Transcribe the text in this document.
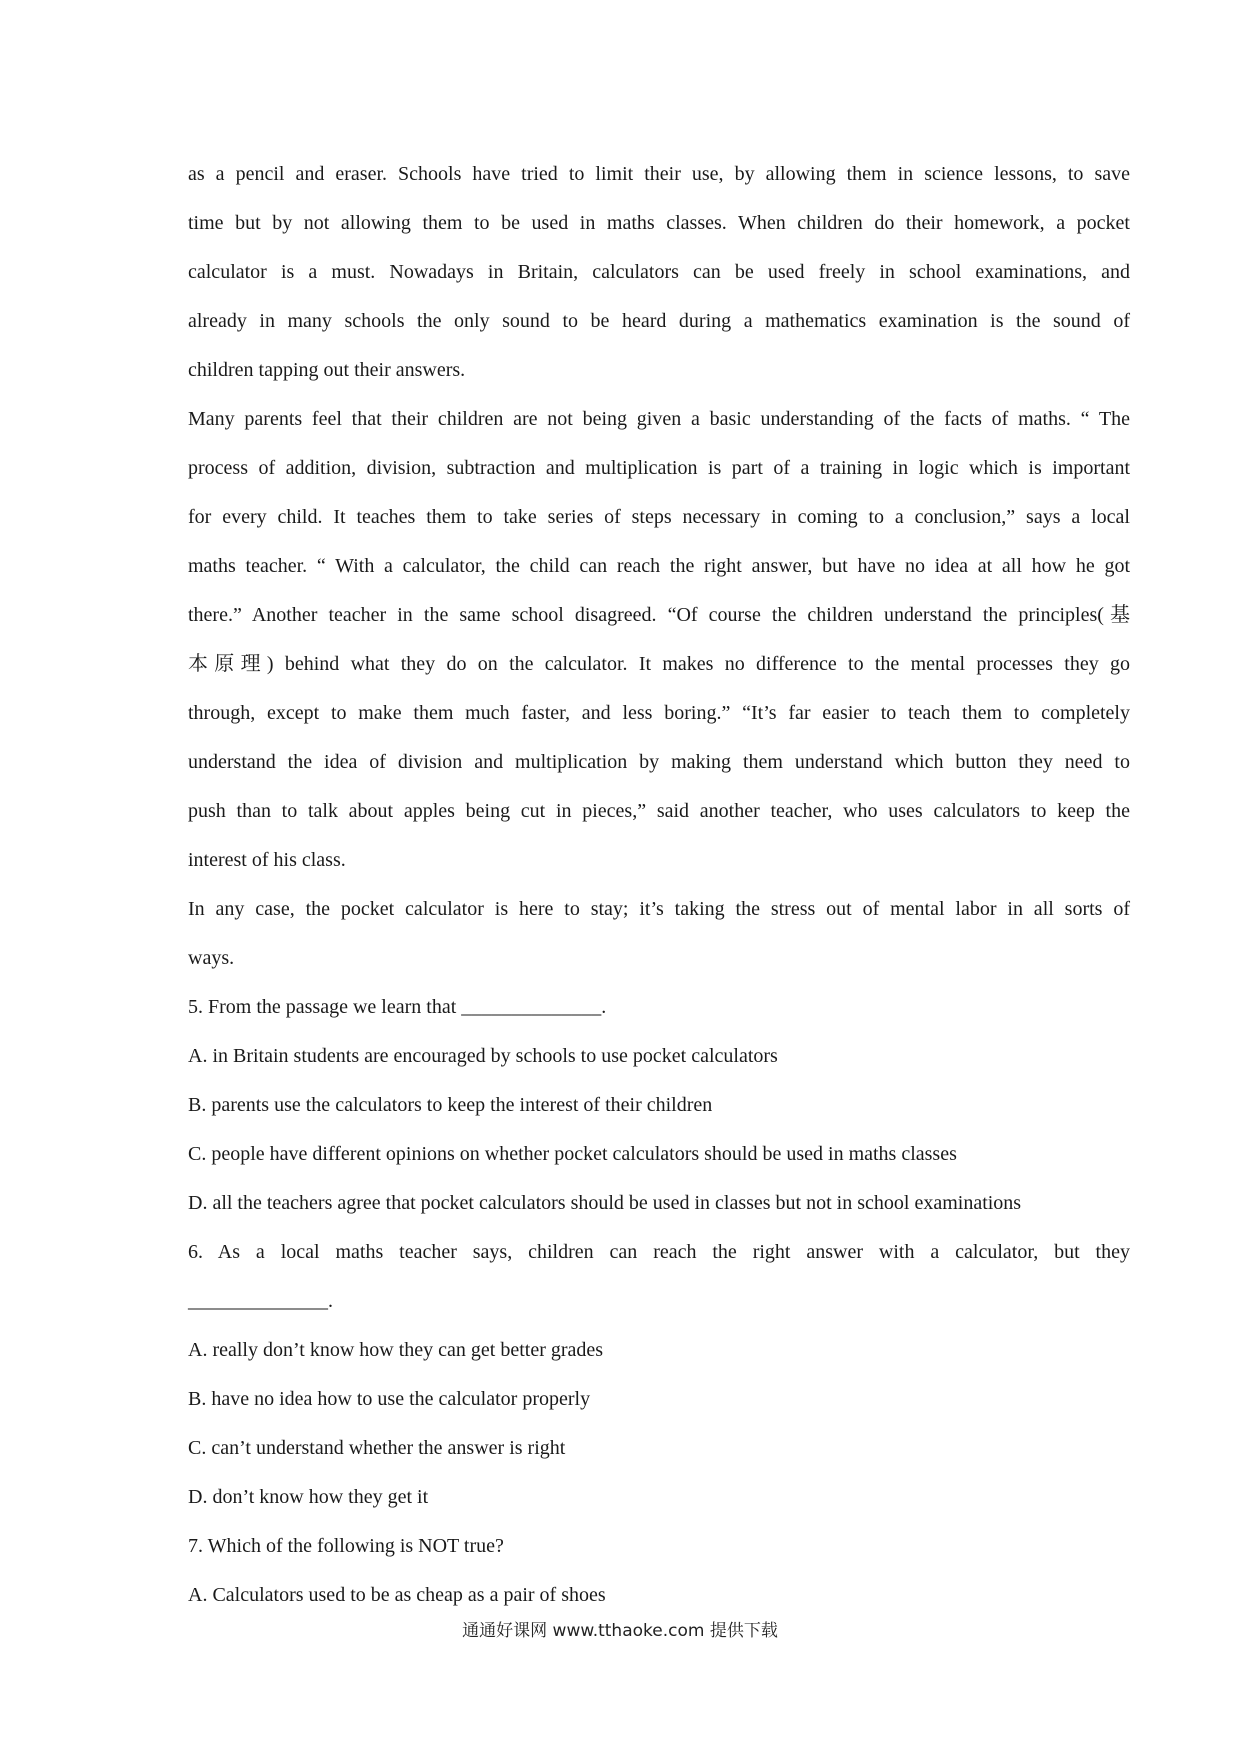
as a pencil and eraser. Schools have tried to limit their use, by allowing them in science lessons, to save
time but by not allowing them to be used in maths classes. When children do their homework, a pocket
calculator is a must. Nowadays in Britain, calculators can be used freely in school examinations, and
already in many schools the only sound to be heard during a mathematics examination is the sound of
children tapping out their answers.
Many parents feel that their children are not being given a basic understanding of the facts of maths. “ The
process of addition, division, subtraction and multiplication is part of a training in logic which is important
for every child. It teaches them to take series of steps necessary in coming to a conclusion,” says a local
maths teacher. “ With a calculator, the child can reach the right answer, but have no idea at all how he got
there.” Another teacher in the same school disagreed. “Of course the children understand the principles(基
本原理) behind what they do on the calculator. It makes no difference to the mental processes they go
through, except to make them much faster, and less boring.” “It’s far easier to teach them to completely
understand the idea of division and multiplication by making them understand which button they need to
push than to talk about apples being cut in pieces,” said another teacher, who uses calculators to keep the
interest of his class.
In any case, the pocket calculator is here to stay; it’s taking the stress out of mental labor in all sorts of
ways.
5. From the passage we learn that ______________.
A. in Britain students are encouraged by schools to use pocket calculators
B. parents use the calculators to keep the interest of their children
C. people have different opinions on whether pocket calculators should be used in maths classes
D. all the teachers agree that pocket calculators should be used in classes but not in school examinations
6. As a local maths teacher says, children can reach the right answer with a calculator, but they
______________.
A. really don’t know how they can get better grades
B. have no idea how to use the calculator properly
C. can’t understand whether the answer is right
D. don’t know how they get it
7. Which of the following is NOT true?
A. Calculators used to be as cheap as a pair of shoes
通通好课网 www.tthaoke.com 提供下载
